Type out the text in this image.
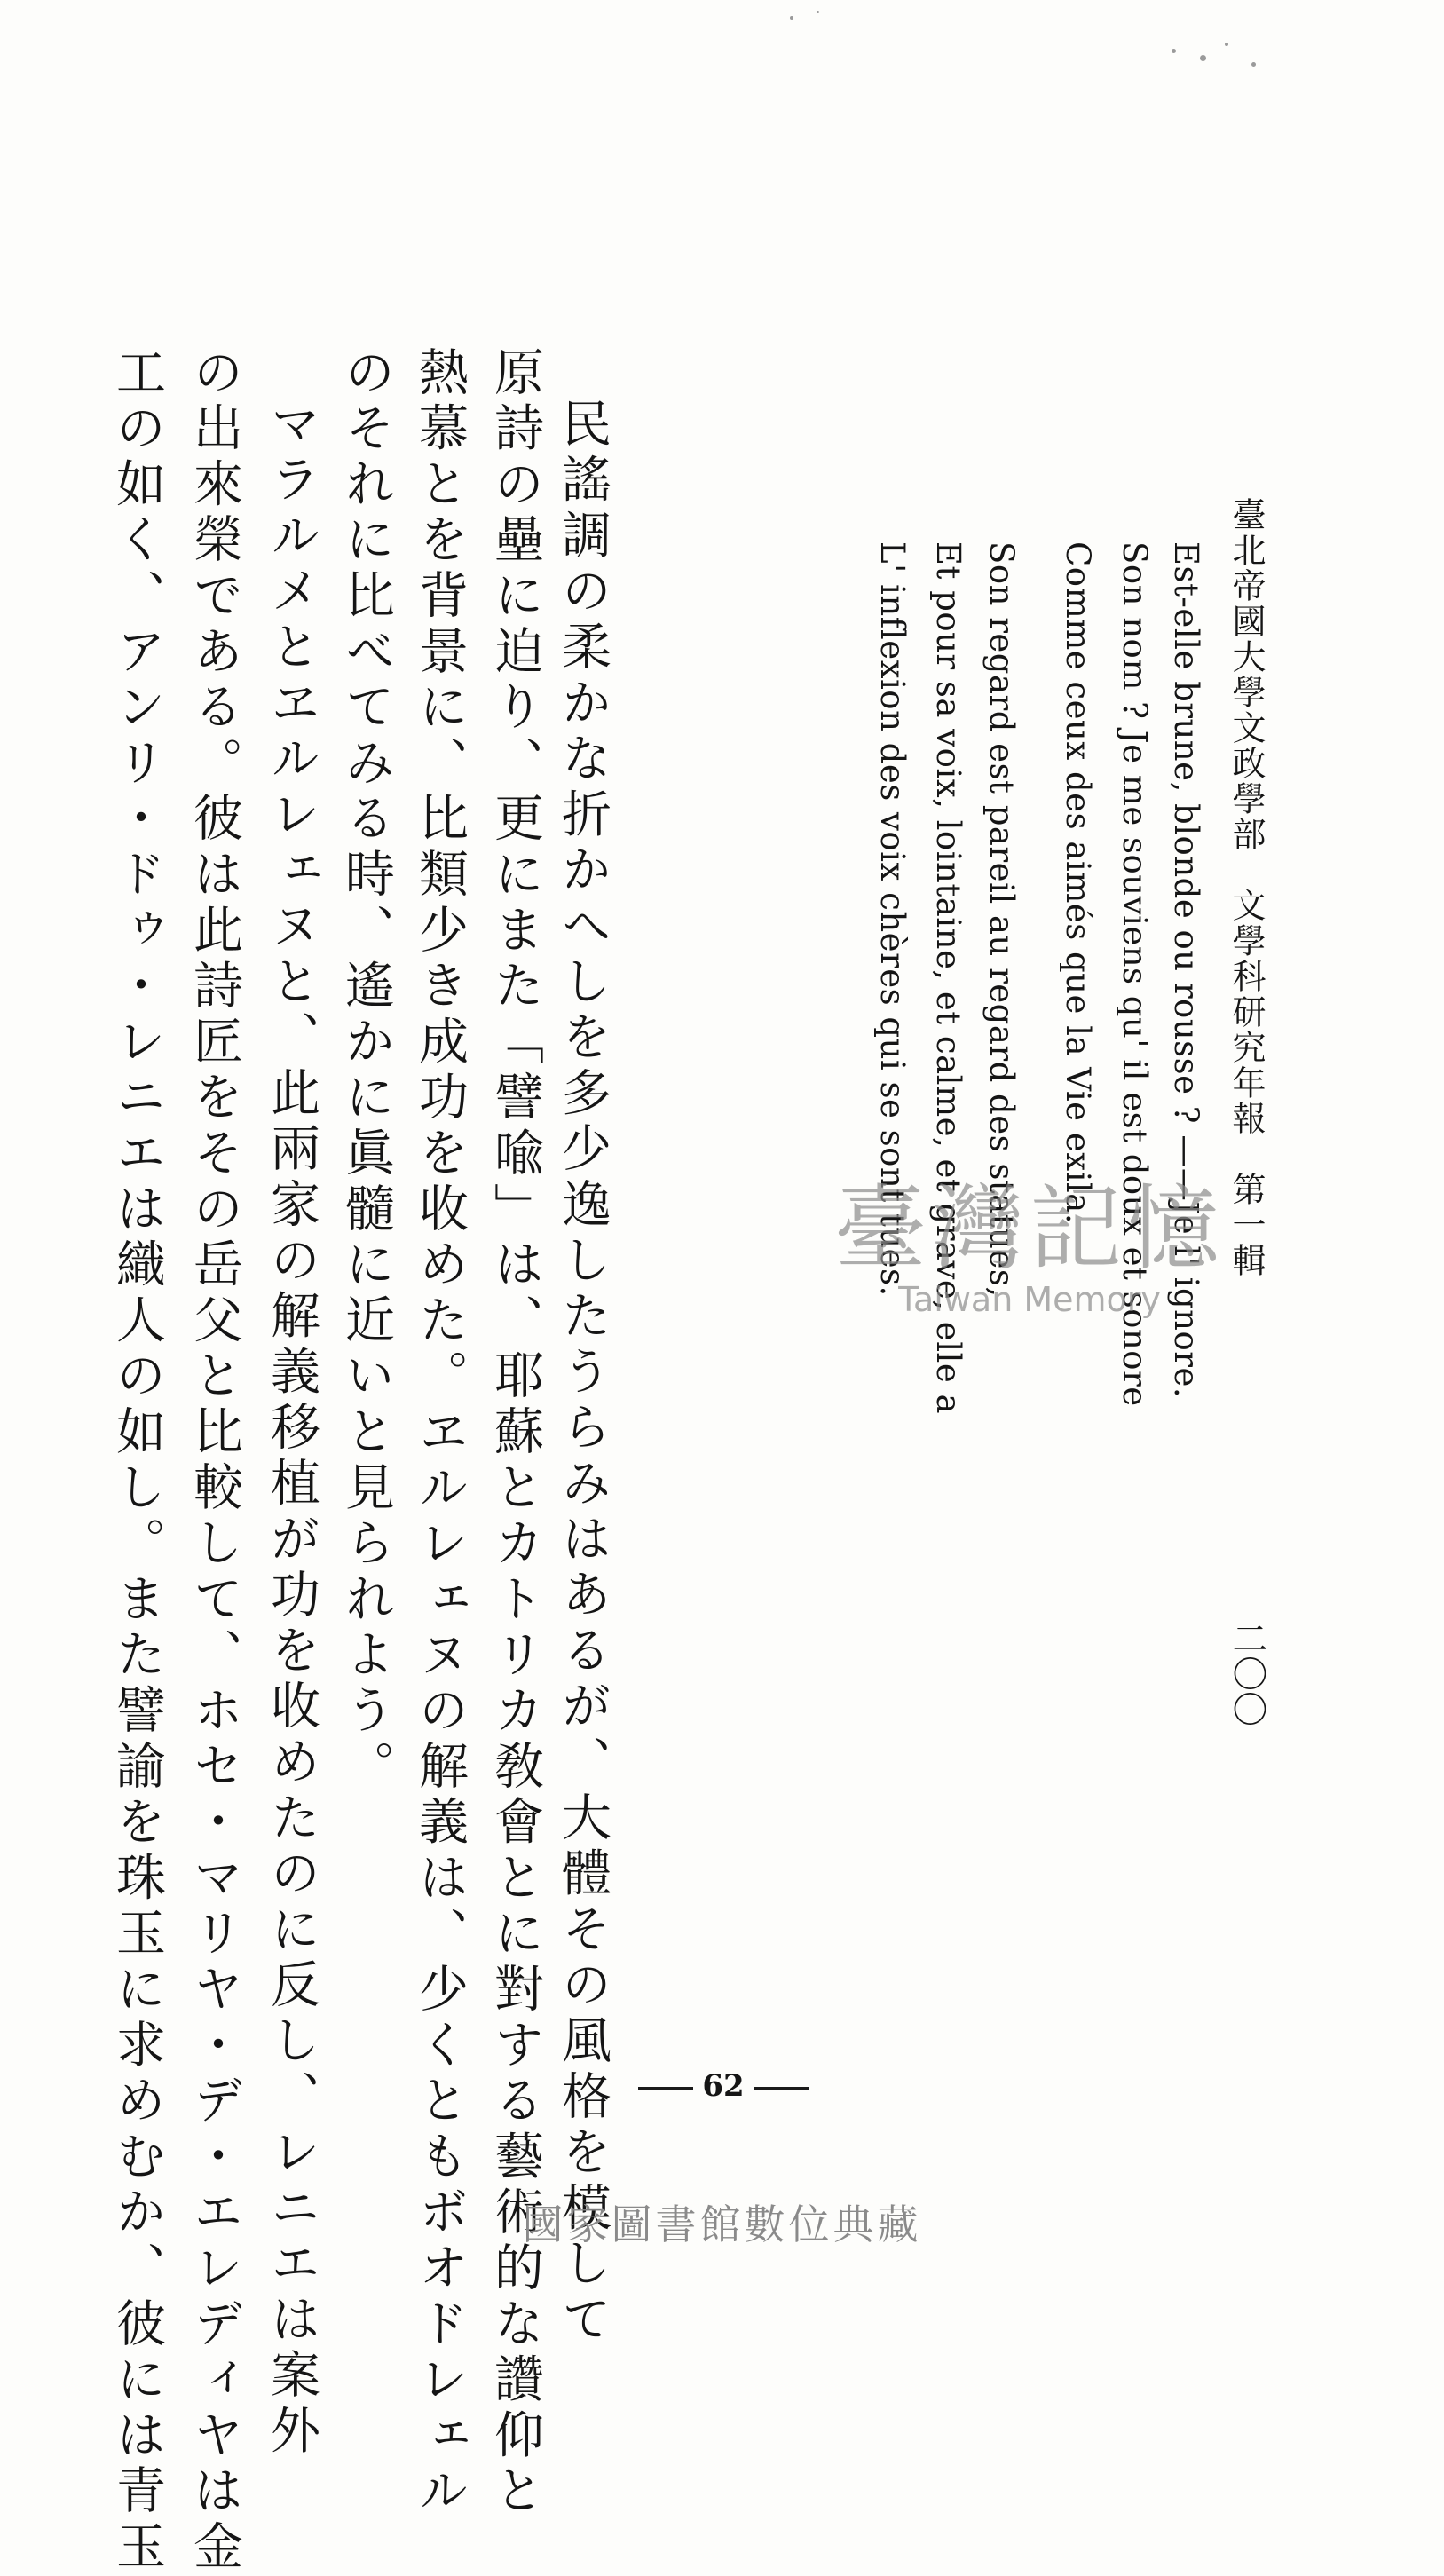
臺北帝國大學文政學部　文學科研究年報　第一輯
二〇〇
Est-elle brune, blonde ou rousse ? ——Je l' ignore.
Son nom ? Je me souviens qu' il est doux et sonore
Comme ceux des aimés que la Vie exila.
Son regard est pareil au regard des statues,
Et pour sa voix, lointaine, et calme, et grave, elle a
L' inflexion des voix chères qui se sont tues.
民謠調の柔かな折かへしを多少逸したうらみはあるが、大體その風格を模して
原詩の壘に迫り、更にまた「譬喩」は、耶蘇とカトリカ敎會とに對する藝術的な讚仰と
熱慕とを背景に、比類少き成功を收めた。ヱルレェヌの解義は、少くともボオドレェル
のそれに比べてみる時、遙かに眞髓に近いと見られよう。
マラルメとヱルレェヌと、此兩家の解義移植が功を收めたのに反し、レニエは案外
の出來榮である。彼は此詩匠をその岳父と比較して、ホセ・マリヤ・デ・エレディヤは金
工の如く、アンリ・ドゥ・レニエは織人の如し。また譬諭を珠玉に求めむか、彼には青玉	62
臺灣記憶
Taiwan Memory
國家圖書館數位典藏
